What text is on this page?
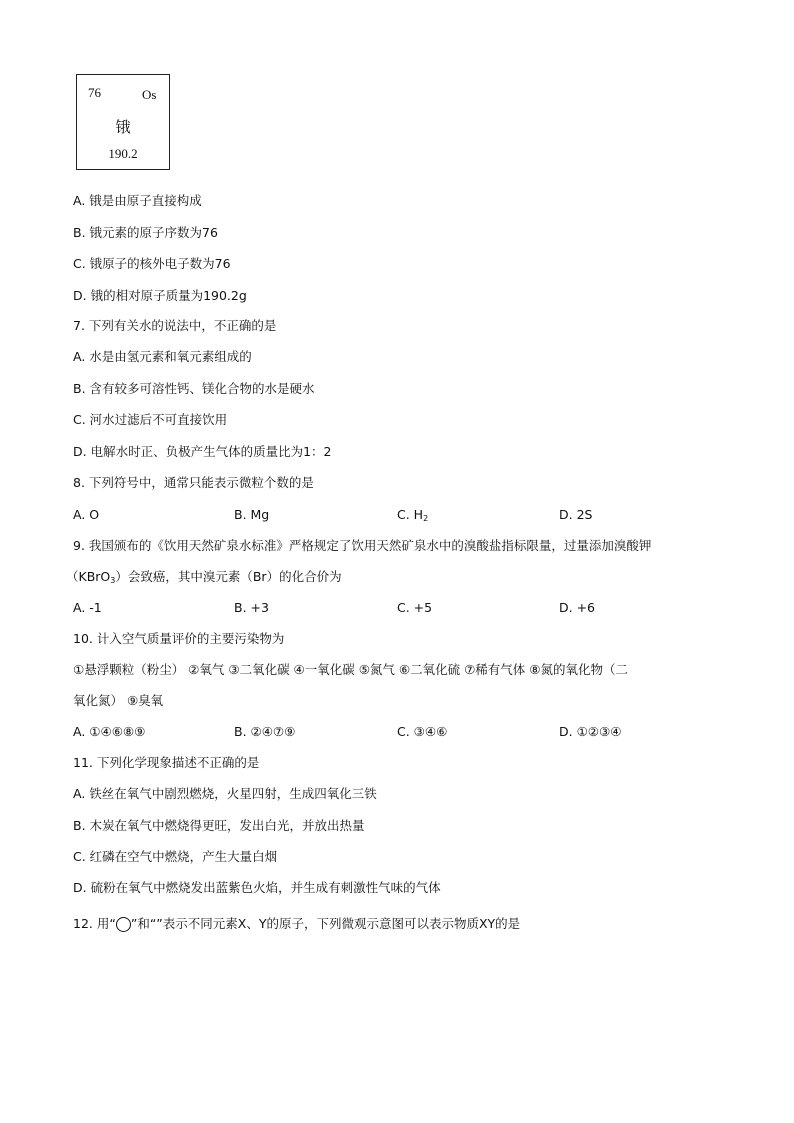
76	Os
锇
190.2
A. 锇是由原子直接构成
B. 锇元素的原子序数为76
C. 锇原子的核外电子数为76
D. 锇的相对原子质量为190.2g
7. 下列有关水的说法中，不正确的是
A. 水是由氢元素和氧元素组成的
B. 含有较多可溶性钙、镁化合物的水是硬水
C. 河水过滤后不可直接饮用
D. 电解水时正、负极产生气体的质量比为1：2
8. 下列符号中，通常只能表示微粒个数的是
A. O	B. Mg	C. $H_2$	D. 2S
9. 我国颁布的《饮用天然矿泉水标准》严格规定了饮用天然矿泉水中的溴酸盐指标限量，过量添加溴酸钾
（KBrO$_3$）会致癌，其中溴元素（Br）的化合价为
A. -1	B. +3	C. +5	D. +6
10. 计入空气质量评价的主要污染物为
①悬浮颗粒（粉尘） ②氧气 ③二氧化碳 ④一氧化碳 ⑤氮气 ⑥二氧化硫 ⑦稀有气体 ⑧氮的氧化物（二
氧化氮） ⑨臭氧
A. ①④⑥⑧⑨	B. ②④⑦⑨	C. ③④⑥	D. ①②③④
11. 下列化学现象描述不正确的是
A. 铁丝在氧气中剧烈燃烧，火星四射，生成四氧化三铁
B. 木炭在氧气中燃烧得更旺，发出白光，并放出热量
C. 红磷在空气中燃烧，产生大量白烟
D. 硫粉在氧气中燃烧发出蓝紫色火焰，并生成有刺激性气味的气体
12. 用“ ”和“”表示不同元素X、Y的原子，下列微观示意图可以表示物质XY的是
